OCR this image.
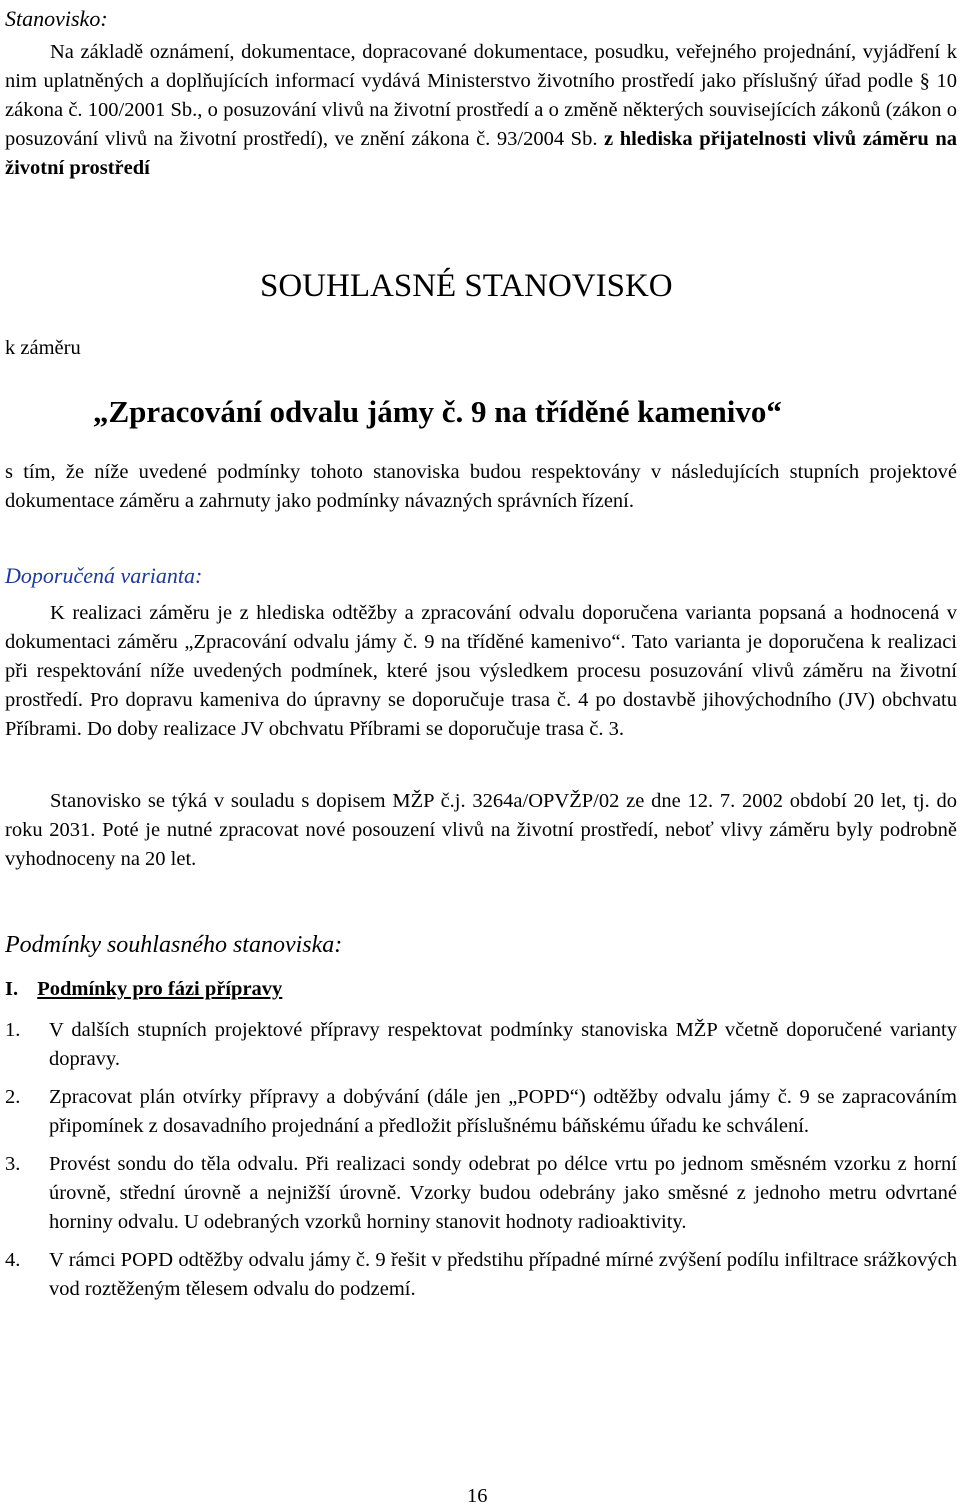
Stanovisko:

Na základě oznámení, dokumentace, dopracované dokumentace, posudku, veřejného projednání, vyjádření k nim uplatněných a doplňujících informací vydává Ministerstvo životního prostředí jako příslušný úřad podle § 10 zákona č. 100/2001 Sb., o posuzování vlivů na životní prostředí a o změně některých souvisejících zákonů (zákon o posuzování vlivů na životní prostředí), ve znění zákona č. 93/2004 Sb. z hlediska přijatelnosti vlivů záměru na životní prostředí

SOUHLASNÉ STANOVISKO
k záměru
„Zpracování odvalu jámy č. 9 na tříděné kamenivo“

s tím, že níže uvedené podmínky tohoto stanoviska budou respektovány v následujících stupních projektové dokumentace záměru a zahrnuty jako podmínky návazných správních řízení.

Doporučená varianta:

K realizaci záměru je z hlediska odtěžby a zpracování odvalu doporučena varianta popsaná a hodnocená v dokumentaci záměru „Zpracování odvalu jámy č. 9 na tříděné kamenivo“. Tato varianta je doporučena k realizaci při respektování níže uvedených podmínek, které jsou výsledkem procesu posuzování vlivů záměru na životní prostředí. Pro dopravu kameniva do úpravny se doporučuje trasa č. 4 po dostavbě jihovýchodního (JV) obchvatu Příbrami. Do doby realizace JV obchvatu Příbrami se doporučuje trasa č. 3.

Stanovisko se týká v souladu s dopisem MŽP č.j. 3264a/OPVŽP/02 ze dne 12. 7. 2002 období 20 let, tj. do roku 2031. Poté je nutné zpracovat nové posouzení vlivů na životní prostředí, neboť vlivy záměru byly podrobně vyhodnoceny na 20 let.

Podmínky souhlasného stanoviska:
I. Podmínky pro fázi přípravy
1. V dalších stupních projektové přípravy respektovat podmínky stanoviska MŽP včetně doporučené varianty dopravy.
2. Zpracovat plán otvírky přípravy a dobývání (dále jen „POPD“) odtěžby odvalu jámy č. 9 se zapracováním připomínek z dosavadního projednání a předložit příslušnému báňskému úřadu ke schválení.
3. Provést sondu do těla odvalu. Při realizaci sondy odebrat po délce vrtu po jednom směsném vzorku z horní úrovně, střední úrovně a nejnižší úrovně. Vzorky budou odebrány jako směsné z jednoho metru odvrtané horniny odvalu. U odebraných vzorků horniny stanovit hodnoty radioaktivity.
4. V rámci POPD odtěžby odvalu jámy č. 9 řešit v předstihu případné mírné zvýšení podílu infiltrace srážkových vod roztěženým tělesem odvalu do podzemí.
16
